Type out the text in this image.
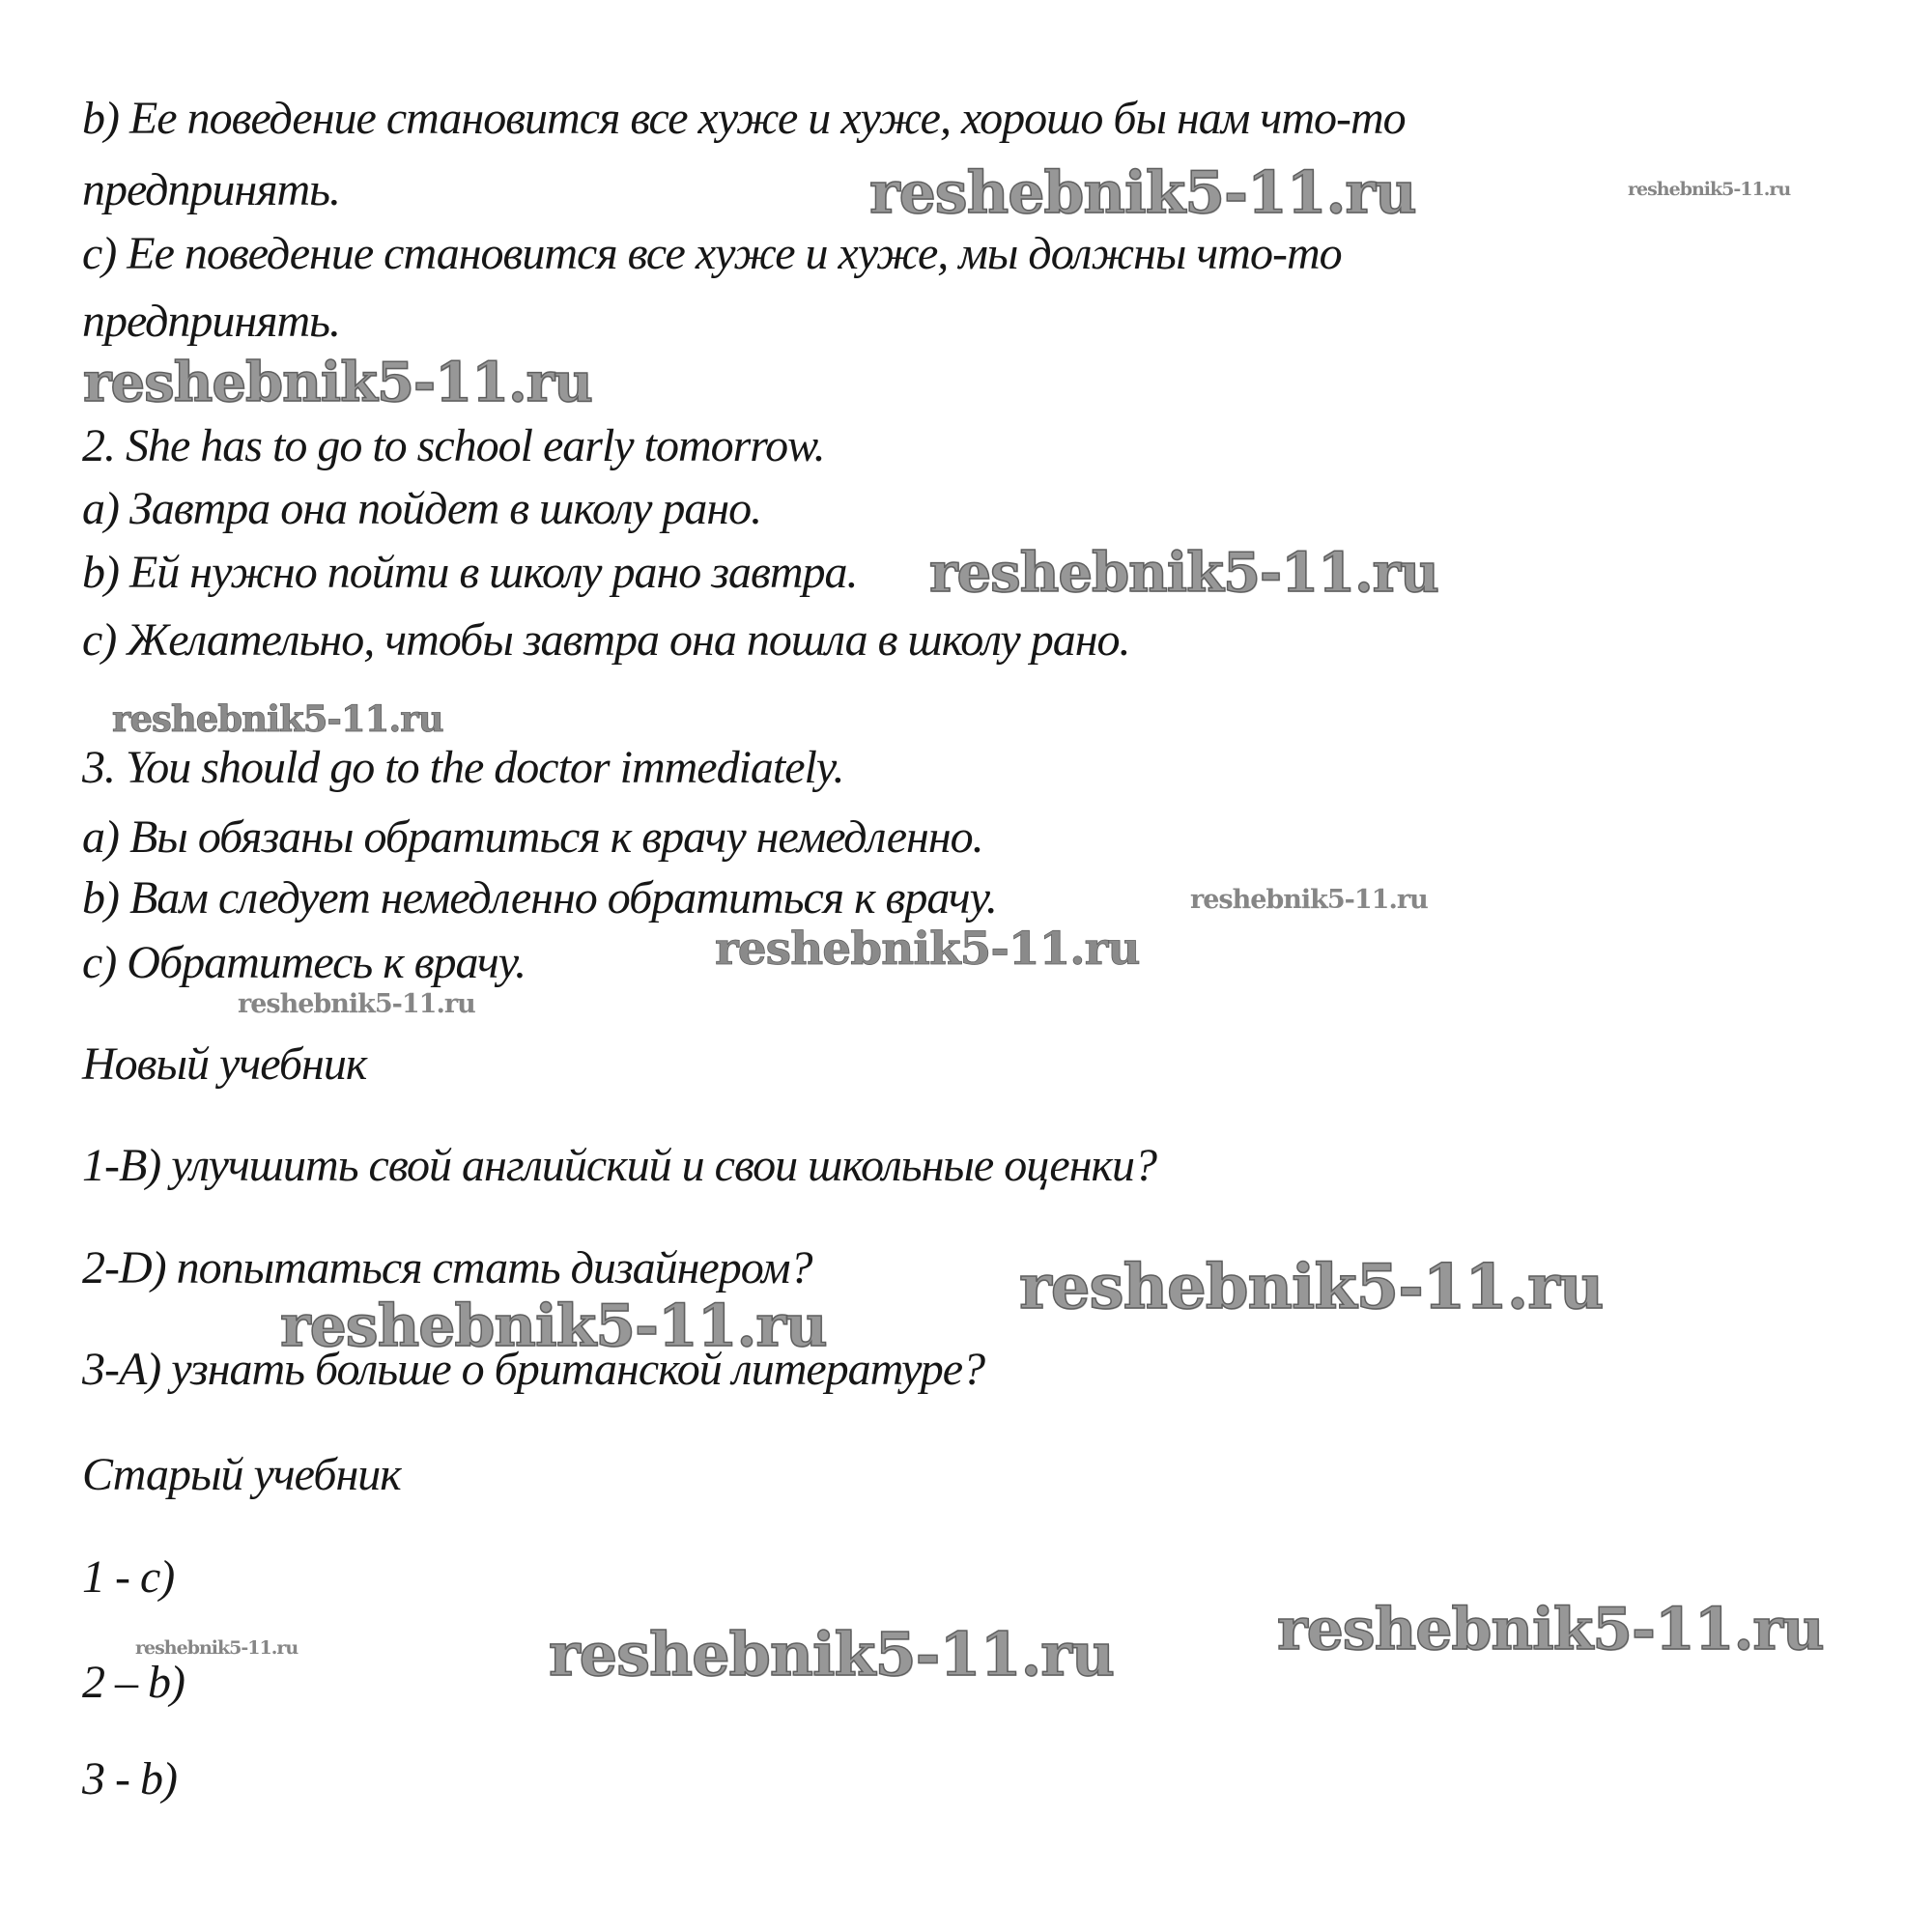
b) Ее поведение становится все хуже и хуже, хорошо бы нам что-то
предпринять.
c) Ее поведение становится все хуже и хуже, мы должны что-то
предпринять.
2. She has to go to school early tomorrow.
a) Завтра она пойдет в школу рано.
b) Ей нужно пойти в школу рано завтра.
c) Желательно, чтобы завтра она пошла в школу рано.
3. You should go to the doctor immediately.
a) Вы обязаны обратиться к врачу немедленно.
b) Вам следует немедленно обратиться к врачу.
c) Обратитесь к врачу.
Новый учебник
1-B) улучшить свой английский и свои школьные оценки?
2-D) попытаться стать дизайнером?
3-A) узнать больше о британской литературе?
Старый учебник
1 - c)
2 – b)
3 - b)
reshebnik5-11.ru	reshebnik5-11.ru
reshebnik5-11.ru
reshebnik5-11.ru
reshebnik5-11.ru
reshebnik5-11.ru
reshebnik5-11.ru
reshebnik5-11.ru
reshebnik5-11.ru
reshebnik5-11.ru
reshebnik5-11.ru	reshebnik5-11.ru	reshebnik5-11.ru
